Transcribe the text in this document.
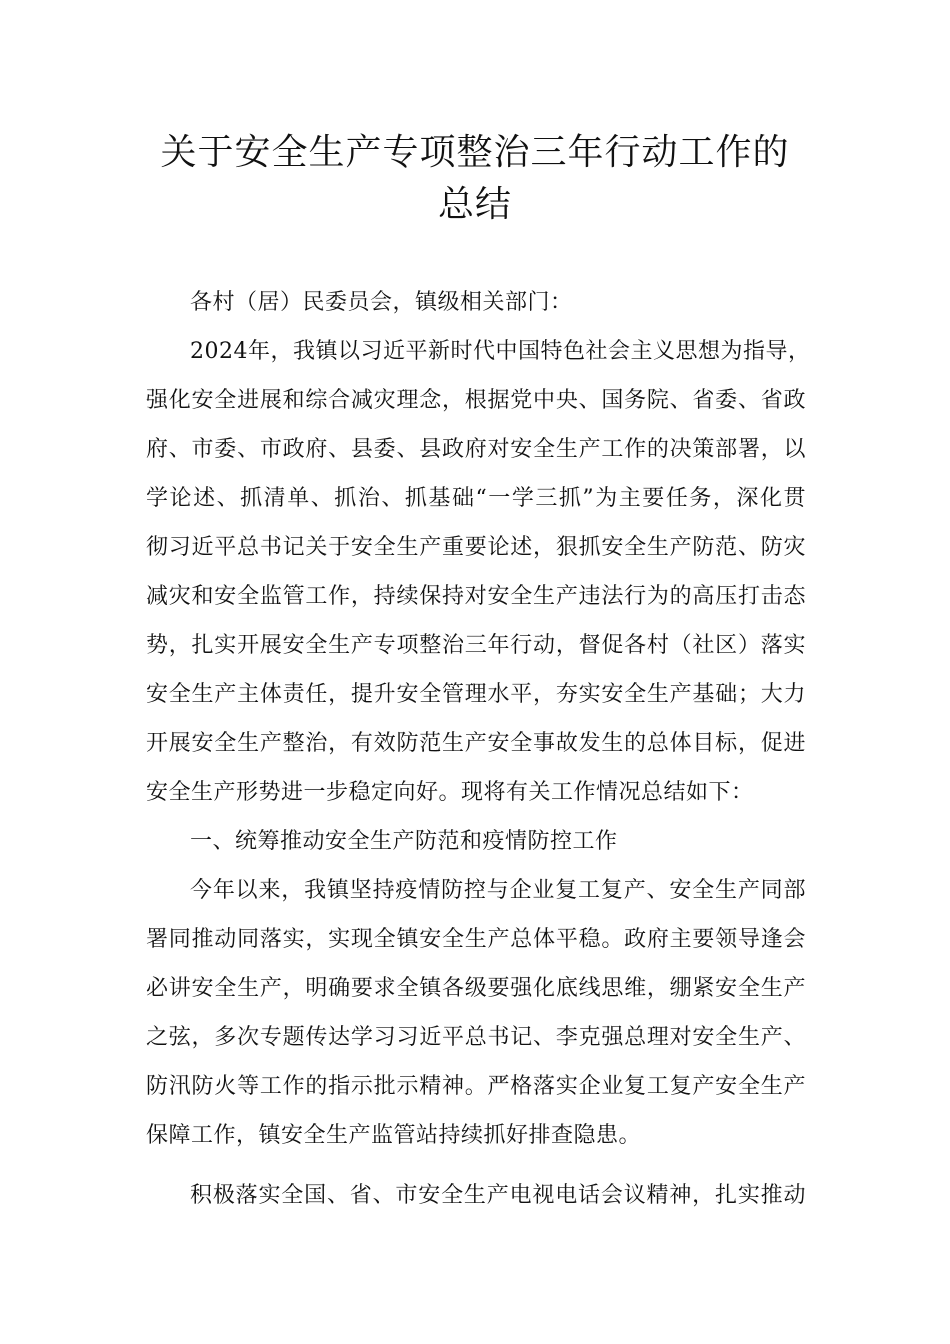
关于安全生产专项整治三年行动工作的
总结
各村（居）民委员会，镇级相关部门：
2024年，我镇以习近平新时代中国特色社会主义思想为指导，
强化安全进展和综合减灾理念，根据党中央、国务院、省委、省政
府、市委、市政府、县委、县政府对安全生产工作的决策部署，以
学论述、抓清单、抓治、抓基础“一学三抓”为主要任务，深化贯
彻习近平总书记关于安全生产重要论述，狠抓安全生产防范、防灾
减灾和安全监管工作，持续保持对安全生产违法行为的高压打击态
势，扎实开展安全生产专项整治三年行动，督促各村（社区）落实
安全生产主体责任，提升安全管理水平，夯实安全生产基础；大力
开展安全生产整治，有效防范生产安全事故发生的总体目标，促进
安全生产形势进一步稳定向好。现将有关工作情况总结如下：
一、统筹推动安全生产防范和疫情防控工作
今年以来，我镇坚持疫情防控与企业复工复产、安全生产同部
署同推动同落实，实现全镇安全生产总体平稳。政府主要领导逢会
必讲安全生产，明确要求全镇各级要强化底线思维，绷紧安全生产
之弦，多次专题传达学习习近平总书记、李克强总理对安全生产、
防汛防火等工作的指示批示精神。严格落实企业复工复产安全生产
保障工作，镇安全生产监管站持续抓好排查隐患。
积极落实全国、省、市安全生产电视电话会议精神，扎实推动
